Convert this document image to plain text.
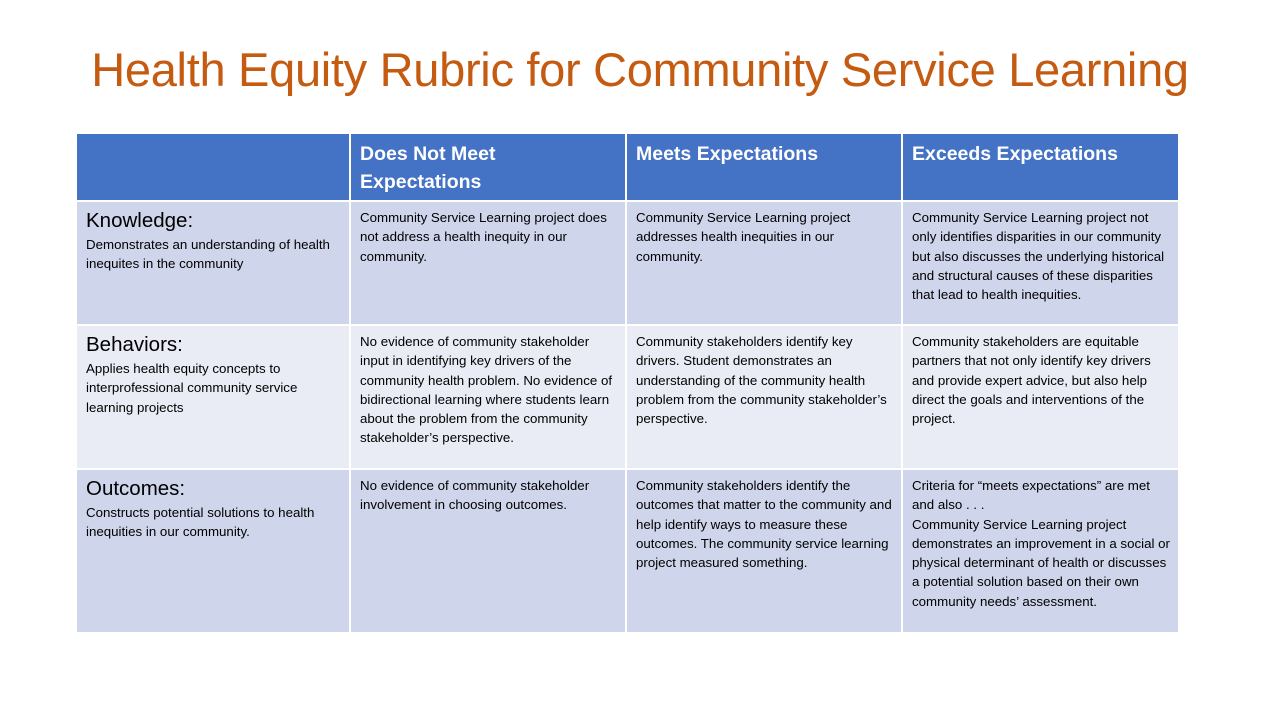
Health Equity Rubric for Community Service Learning
	Does Not Meet Expectations	Meets Expectations	Exceeds Expectations

Knowledge:
Demonstrates an understanding of health inequites in the community	Community Service Learning project does not address a health inequity in our community.	Community Service Learning project addresses health inequities in our community.	Community Service Learning project not only identifies disparities in our community but also discusses the underlying historical and structural causes of these disparities that lead to health inequities.

Behaviors:
Applies health equity concepts to interprofessional community service learning projects	No evidence of community stakeholder input in identifying key drivers of the community health problem. No evidence of bidirectional learning where students learn about the problem from the community stakeholder’s perspective.	Community stakeholders identify key drivers. Student demonstrates an understanding of the community health problem from the community stakeholder’s perspective.	Community stakeholders are equitable partners that not only identify key drivers and provide expert advice, but also help direct the goals and interventions of the project.

Outcomes:
Constructs potential solutions to health inequities in our community.	No evidence of community stakeholder involvement in choosing outcomes.	Community stakeholders identify the outcomes that matter to the community and help identify ways to measure these outcomes. The community service learning project measured something.	Criteria for “meets expectations” are met and also . . .
Community Service Learning project demonstrates an improvement in a social or physical determinant of health or discusses a potential solution based on their own community needs’ assessment.
